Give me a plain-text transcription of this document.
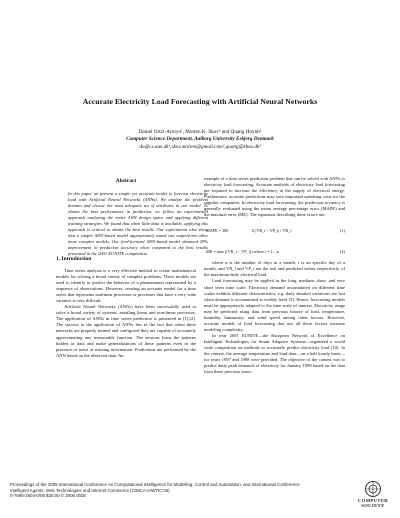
Accurate Electricity Load Forecasting with Artificial Neural Networks
Daniel Ortiz-Arroyo¹, Morten K. Skov² and Quang Huynh³
Computer Science Department, Aalborg University Esbjerg Denmark
do@cs.aue.dk¹,skov.morten@gmail.com²,quang@khas.dk³
Abstract
In this paper we present a simple yet accurate model to forecast electricity load with Artificial Neural Networks (ANNs). We analyze the problem domain and choose the most adequate set of attributes in our model. To obtain the best performance in prediction, we follow an experimental approach analyzing the entire ANN design space and applying different training strategies. We found that when little data is available, applying this approach is critical to obtain the best results. Our experiments also show that a simple ANN-based model appropriately tuned can outperform other more complex models. Our feed-forward ANN-based model obtained 29% improvement in prediction accuracy when compared to the best results presented in the 2001 EUNITE competition.
1. Introduction

Time series analysis is a very effective method to create mathematical models for solving a broad variety of complex problems. These models are used to identify or predict the behavior of a phenomenon represented by a sequence of observations. However, creating an accurate model for a time series that represents nonlinear processes or processes that have a very wide variance is very difficult.

Artificial Neural Networks (ANNs) have been successfully used to solve a broad variety of systems, entailing linear and non-linear processes. The application of ANNs in time series prediction is presented in [1],[2]. The success in the application of ANNs lies in the fact that when these networks are properly trained and configured they are capable of accurately approximating any measurable function. The neurons learn the patterns hidden in data and make generalizations of these patterns even in the presence of noise or missing information. Predictions are performed by the ANN based on the observed data. An

example of a time series prediction problem that can be solved with ANNs is electricity load forecasting. Accurate methods of electricity load forecasting are required to increase the efficiency in the supply of electrical energy. Furthermore, accurate predictions may save important operating costs for the supplier companies. In electricity load forecasting, the prediction accuracy is generally evaluated using the mean average percentage error (MAPE) and the maximal error (ME). The equations describing these errors are:

MAPE = 100	Σ |VR_i − VP_i| / VR_i	(1)
ME = max ((VR_i − VP_i)) where i = 1,..,n	(2)

where n is the number of days in a month, i is an specific day of a month, and VR_i and VP_i are the real and predicted values respectively, of the maximum daily electrical load.

Load forecasting may be applied in the long, medium, short, and very short term time scale. Electricity demand accumulated on different time scales exhibits different characteristics, e.g. daily detailed variations are lost when demand is accumulated at weekly level [3]. Hence, forecasting models must be appropriately adapted to the time scale of interest. Electricity usage may be predicted using data from previous history of load, temperature, humidity, luminosity, and wind speed among other factors. However, accurate models of load forecasting that use all these factors increase modeling complexity.

In year 2001 EUNITE—the European Network of Excellence on Intelligent Technologies for Smart Adaptive Systems—organized a world wide competition on methods to accurately predict electricity load [10]. In the contest, the average temperature and load data—on a half hourly basis—for years 1997 and 1998 were provided. The objective of the contest was to predict daily peak demands of electricity for January 1999 based on the data from these previous years.

Proceedings of the 2005 International Conference on Computational Intelligence for Modelling, Control and Automation, and International Conference
Intelligent Agents, Web Technologies and Internet Commerce (CIMCA-IAWTIC'05)
0-7695-2504-0/05 $20.00 © 2005 IEEE
COMPUTER
SOCIETY
